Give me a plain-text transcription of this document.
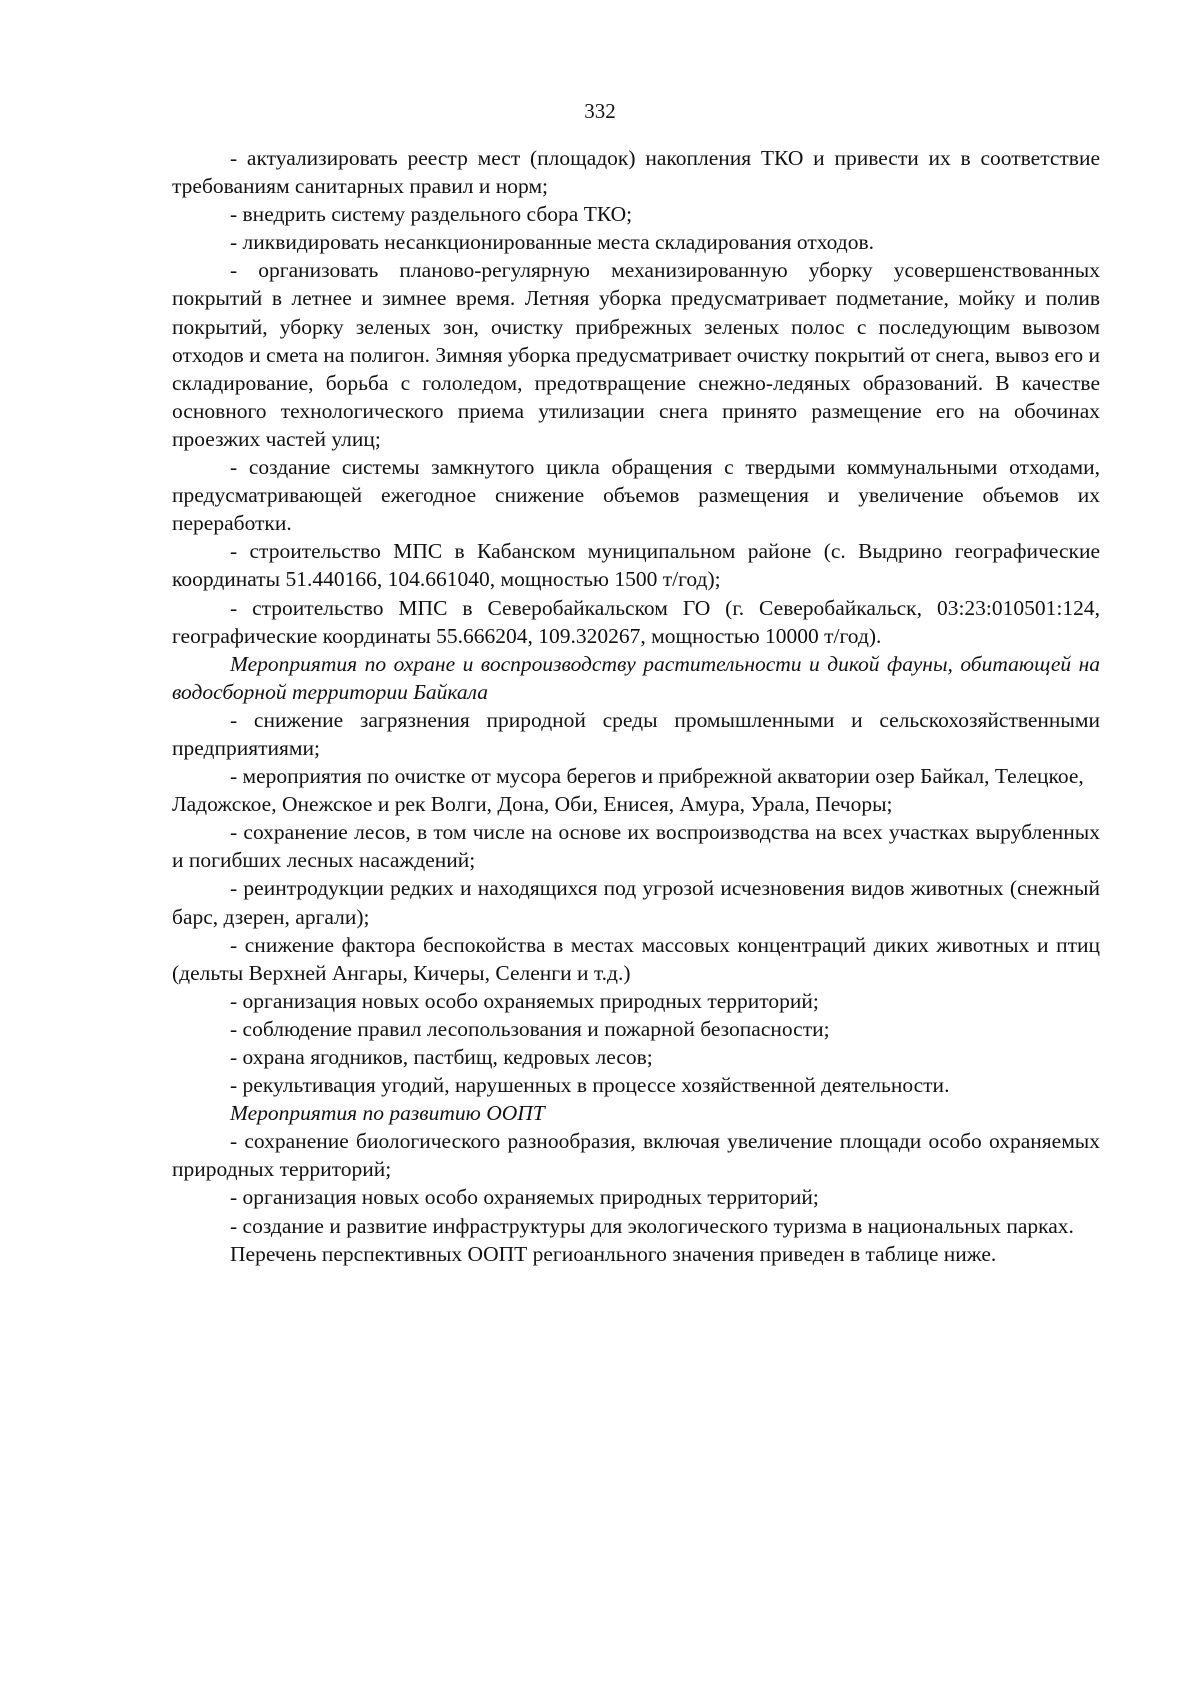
332

- актуализировать реестр мест (площадок) накопления ТКО и привести их в соответствие требованиям санитарных правил и норм;

- внедрить систему раздельного сбора ТКО;

- ликвидировать несанкционированные места складирования отходов.

- организовать планово-регулярную механизированную уборку усовершенствованных покрытий в летнее и зимнее время. Летняя уборка предусматривает подметание, мойку и полив покрытий, уборку зеленых зон, очистку прибрежных зеленых полос с последующим вывозом отходов и смета на полигон. Зимняя уборка предусматривает очистку покрытий от снега, вывоз его и складирование, борьба с гололедом, предотвращение снежно-ледяных образований. В качестве основного технологического приема утилизации снега принято размещение его на обочинах проезжих частей улиц;

- создание системы замкнутого цикла обращения с твердыми коммунальными отходами, предусматривающей ежегодное снижение объемов размещения и увеличение объемов их переработки.

- строительство МПС в Кабанском муниципальном районе (с. Выдрино географические координаты 51.440166, 104.661040, мощностью 1500 т/год);

- строительство МПС в Северобайкальском ГО (г. Северобайкальск, 03:23:010501:124, географические координаты 55.666204, 109.320267, мощностью 10000 т/год).

Мероприятия по охране и воспроизводству растительности и дикой фауны, обитающей на водосборной территории Байкала

- снижение загрязнения природной среды промышленными и сельскохозяйственными предприятиями;

- мероприятия по очистке от мусора берегов и прибрежной акватории озер Байкал, Телецкое, Ладожское, Онежское и рек Волги, Дона, Оби, Енисея, Амура, Урала, Печоры;

- сохранение лесов, в том числе на основе их воспроизводства на всех участках вырубленных и погибших лесных насаждений;

- реинтродукции редких и находящихся под угрозой исчезновения видов животных (снежный барс, дзерен, аргали);

- снижение фактора беспокойства в местах массовых концентраций диких животных и птиц (дельты Верхней Ангары, Кичеры, Селенги и т.д.)

- организация новых особо охраняемых природных территорий;

- соблюдение правил лесопользования и пожарной безопасности;

- охрана ягодников, пастбищ, кедровых лесов;

- рекультивация угодий, нарушенных в процессе хозяйственной деятельности.

Мероприятия по развитию ООПТ

- сохранение биологического разнообразия, включая увеличение площади особо охраняемых природных территорий;

- организация новых особо охраняемых природных территорий;

- создание и развитие инфраструктуры для экологического туризма в национальных парках.

Перечень перспективных ООПТ региоанльного значения приведен в таблице ниже.
